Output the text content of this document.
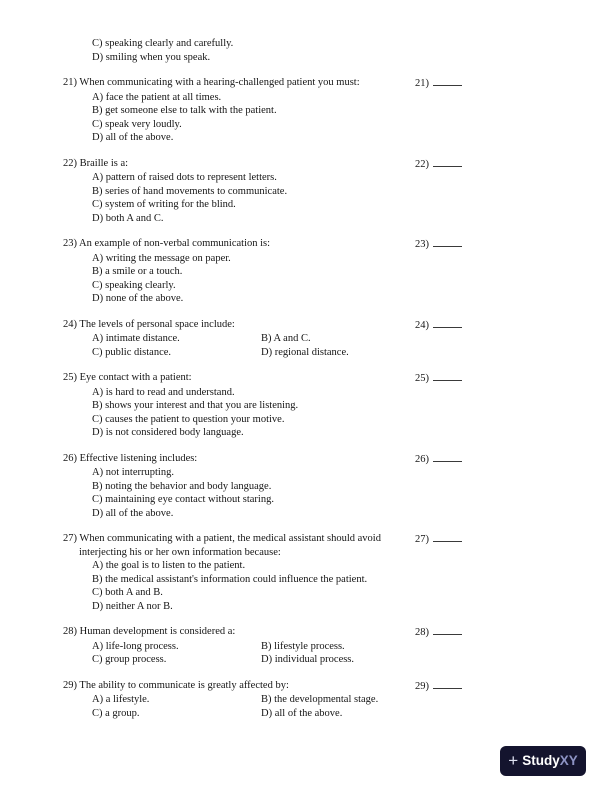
C) speaking clearly and carefully.
D) smiling when you speak.
21) When communicating with a hearing-challenged patient you must:	21)
A) face the patient at all times.
B) get someone else to talk with the patient.
C) speak very loudly.
D) all of the above.
22) Braille is a:	22)
A) pattern of raised dots to represent letters.
B) series of hand movements to communicate.
C) system of writing for the blind.
D) both A and C.
23) An example of non-verbal communication is:	23)
A) writing the message on paper.
B) a smile or a touch.
C) speaking clearly.
D) none of the above.
24) The levels of personal space include:	24)
A) intimate distance.	B) A and C.
C) public distance.	D) regional distance.
25) Eye contact with a patient:	25)
A) is hard to read and understand.
B) shows your interest and that you are listening.
C) causes the patient to question your motive.
D) is not considered body language.
26) Effective listening includes:	26)
A) not interrupting.
B) noting the behavior and body language.
C) maintaining eye contact without staring.
D) all of the above.
27) When communicating with a patient, the medical assistant should avoid interjecting his or her own information because:
27)
A) the goal is to listen to the patient.
B) the medical assistant's information could influence the patient.
C) both A and B.
D) neither A nor B.
28) Human development is considered a:	28)
A) life-long process.	B) lifestyle process.
C) group process.	D) individual process.
29) The ability to communicate is greatly affected by:	29)
A) a lifestyle.	B) the developmental stage.
C) a group.	D) all of the above.
+ Study XY
